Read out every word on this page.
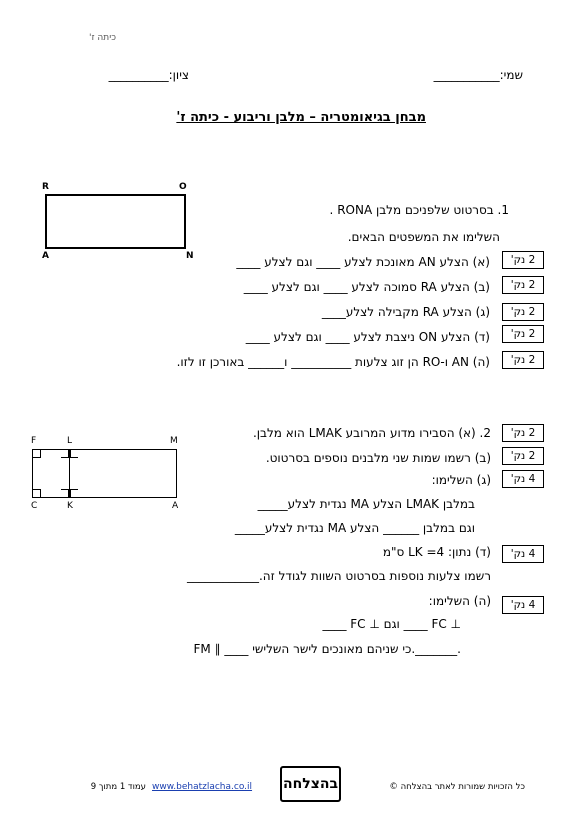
כיתה ז'
שמי:___________
ציון:__________
מבחן בגיאומטריה – מלבן וריבוע - כיתה ז'
R	O
A	N
1. בסרטוט שלפניכם מלבן RONA .
השלימו את המשפטים הבאים.
(א) הצלע AN מאונכת לצלע ____ וגם לצלע ____
(ב) הצלע RA סמוכה לצלע ____ וגם לצלע ____
(ג) הצלע RA מקבילה לצלע____
(ד) הצלע ON ניצבת לצלע ____ וגם לצלע ____
(ה) AN ו-RO הן זוג צלעות __________ ו______ באורכן זו לזו.
2 נק'
2 נק'
2 נק'
2 נק'
2 נק'
F	L	M
C	K	A
2. (א) הסבירו מדוע המרובע LMAK הוא מלבן.
(ב) רשמו שמות שני מלבנים נוספים בסרטוט.
(ג) השלימו:
במלבן LMAK הצלע MA נגדית לצלע_____
וגם במלבן ______ הצלע MA נגדית לצלע_____
(ד) נתון: LK =4 ס"מ
רשמו צלעות נוספות בסרטוט השוות לגודל זה.____________
(ה) השלימו:
____ FC ⊥ וגם ____ FC ⊥
FM ∥ ____ כי שניהם מאונכים לישר השלישי._______.
2 נק'
2 נק'
4 נק'
4 נק'
4 נק'
כל הזכויות שמורות לאתר בהצלחה ©
בהצלחה
www.behatzlacha.co.il
עמוד 1 מתוך 9
